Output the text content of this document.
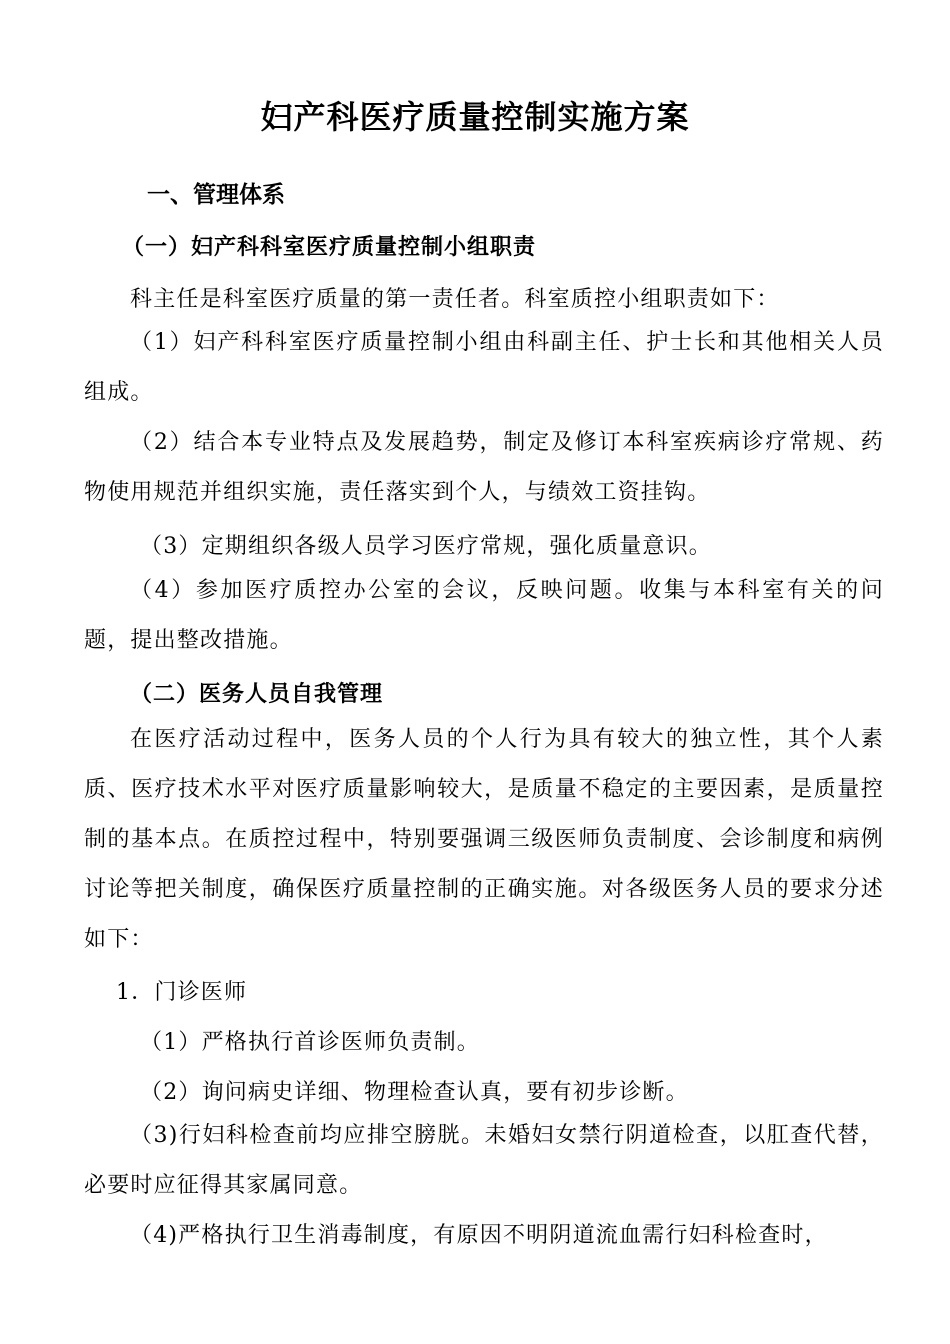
妇产科医疗质量控制实施方案
一、管理体系
（一）妇产科科室医疗质量控制小组职责
科主任是科室医疗质量的第一责任者。科室质控小组职责如下：
（1）妇产科科室医疗质量控制小组由科副主任、护士长和其他相关人员组成。
（2）结合本专业特点及发展趋势，制定及修订本科室疾病诊疗常规、药物使用规范并组织实施，责任落实到个人，与绩效工资挂钩。
（3）定期组织各级人员学习医疗常规，强化质量意识。
（4）参加医疗质控办公室的会议，反映问题。收集与本科室有关的问题，提出整改措施。
（二）医务人员自我管理
在医疗活动过程中，医务人员的个人行为具有较大的独立性，其个人素质、医疗技术水平对医疗质量影响较大，是质量不稳定的主要因素，是质量控制的基本点。在质控过程中，特别要强调三级医师负责制度、会诊制度和病例讨论等把关制度，确保医疗质量控制的正确实施。对各级医务人员的要求分述如下：
1．门诊医师
（1）严格执行首诊医师负责制。
（2）询问病史详细、物理检查认真，要有初步诊断。
（3)行妇科检查前均应排空膀胱。未婚妇女禁行阴道检查，以肛查代替，必要时应征得其家属同意。
（4)严格执行卫生消毒制度，有原因不明阴道流血需行妇科检查时，
